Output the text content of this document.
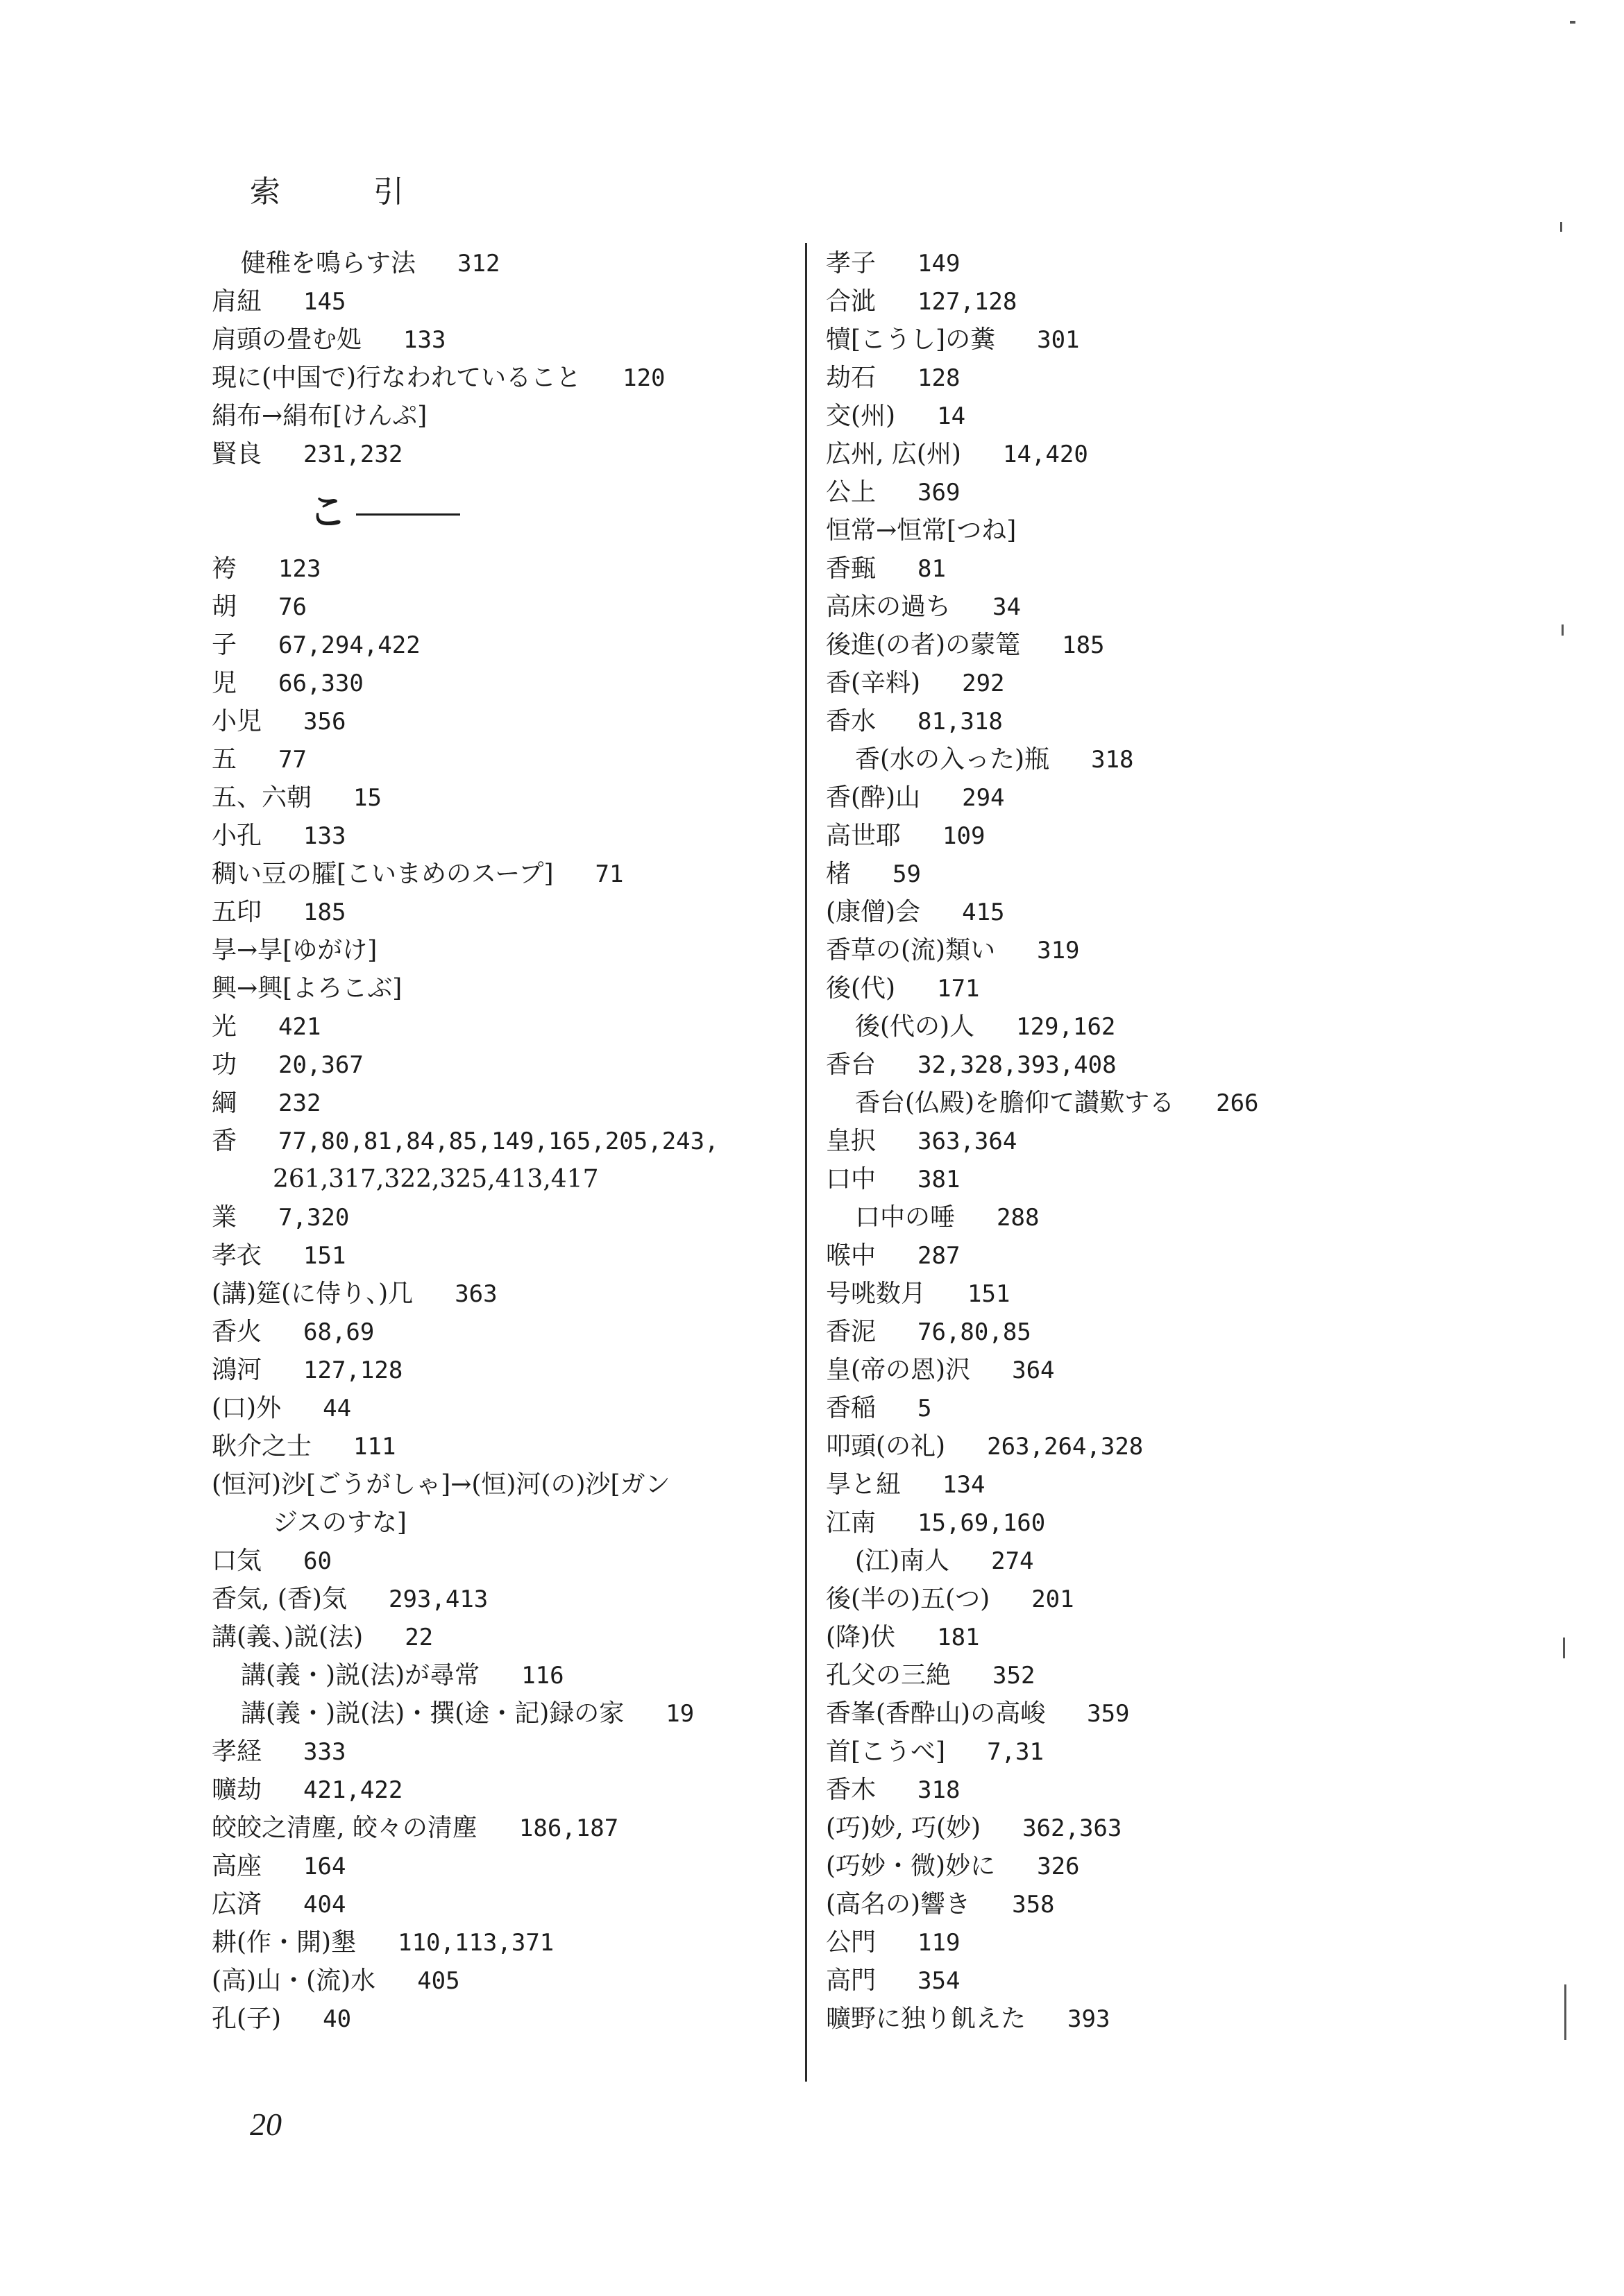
索 引
健稚を鳴らす法 312
肩紐 145
肩頭の畳む処 133
現に(中国で)行なわれていること 120
絹布→絹布[けんぷ]
賢良 231,232
こ
袴 123
胡 76
子 67,294,422
児 66,330
小児 356
五 77
五、六朝 15
小孔 133
稠い豆の臛[こいまめのスープ] 71
五印 185
㫗→㫗[ゆがけ]
興→興[よろこぶ]
光 421
功 20,367
綱 232
香 77,80,81,84,85,149,165,205,243,
261,317,322,325,413,417
業 7,320
孝衣 151
(講)筵(に侍り、)几 363
香火 68,69
鴻河 127,128
(口)外 44
耿介之士 111
(恒河)沙[ごうがしゃ]→(恒)河(の)沙[ガン
ジスのすな]
口気 60
香気, (香)気 293,413
講(義、)説(法) 22
講(義・)説(法)が尋常 116
講(義・)説(法)・撰(途・記)録の家 19
孝経 333
曠劫 421,422
皎皎之清塵, 皎々の清塵 186,187
高座 164
広済 404
耕(作・開)墾 110,113,371
(高)山・(流)水 405
孔(子) 40
孝子 149
合泚 127,128
犢[こうし]の糞 301
劫石 128
交(州) 14
広州, 広(州) 14,420
公上 369
恒常→恒常[つね]
香甀 81
高床の過ち 34
後進(の者)の蒙篭 185
香(辛料) 292
香水 81,318
香(水の入った)瓶 318
香(酔)山 294
高世耶 109
楮 59
(康僧)会 415
香草の(流)類い 319
後(代) 171
後(代の)人 129,162
香台 32,328,393,408
香台(仏殿)を膽仰て讃歎する 266
皇択 363,364
口中 381
口中の唾 288
喉中 287
号咷数月 151
香泥 76,80,85
皇(帝の恩)沢 364
香稲 5
叩頭(の礼) 263,264,328
㫗と紐 134
江南 15,69,160
(江)南人 274
後(半の)五(つ) 201
(降)伏 181
孔父の三絶 352
香峯(香酔山)の高峻 359
首[こうべ] 7,31
香木 318
(巧)妙, 巧(妙) 362,363
(巧妙・微)妙に 326
(高名の)響き 358
公門 119
高門 354
曠野に独り飢えた 393
20
